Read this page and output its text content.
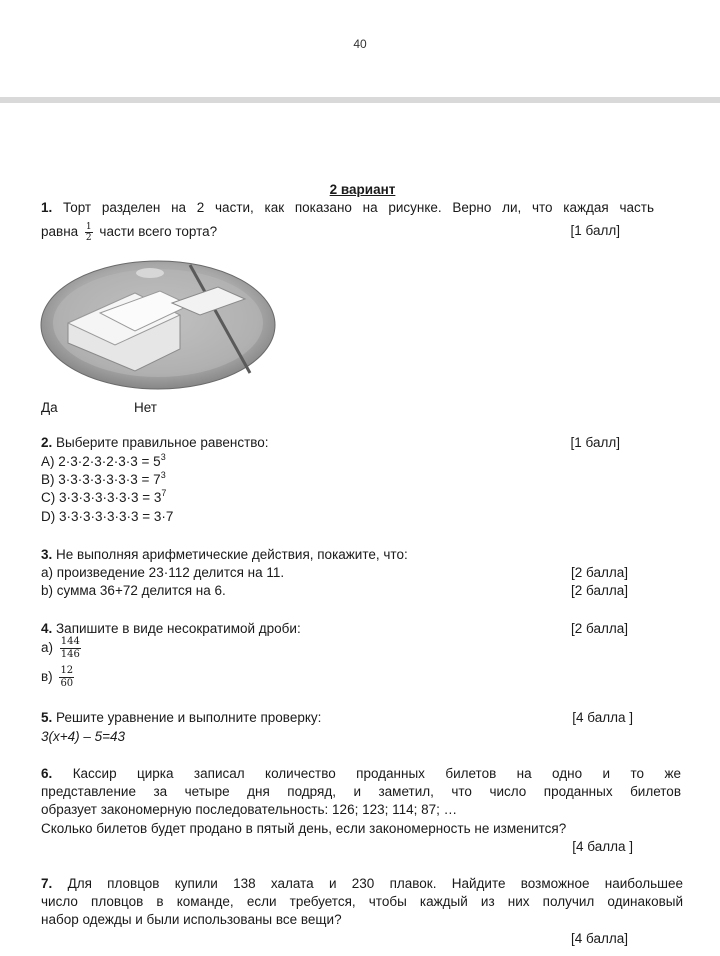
40
2 вариант
1. Торт разделен на 2 части, как показано на рисунке. Верно ли, что каждая часть
равна $\frac{1}{2}$ части всего торта?	[1 балл]
Да	Нет
2. Выберите правильное равенство:	[1 балл]
A) $2\cdot 3\cdot 2\cdot 3\cdot 2\cdot 3\cdot 3 = 5^3$
B) $3\cdot 3\cdot 3\cdot 3\cdot 3\cdot 3\cdot 3 = 7^3$
C) $3\cdot 3\cdot 3\cdot 3\cdot 3\cdot 3\cdot 3 = 3^7$
D) 3·3·3·3·3·3·3 = 3·7
3. Не выполняя арифметические действия, покажите, что:
a) произведение 23·112 делится на 11.	[2 балла]
b) сумма 36+72 делится на 6.	[2 балла]
4. Запишите в виде несократимой дроби:	[2 балла]
$а) \frac{144}{146}$
$в) \frac{12}{60}$
5. Решите уравнение и выполните проверку:	[4 балла ]
3(x+4) – 5=43
6. Кассир цирка записал количество проданных билетов на одно и то же
представление за четыре дня подряд, и заметил, что число проданных билетов
образует закономерную последовательность: 126; 123; 114; 87; …
Сколько билетов будет продано в пятый день, если закономерность не изменится?
[4 балла ]
7. Для пловцов купили 138 халата и 230 плавок. Найдите возможное наибольшее
число пловцов в команде, если требуется, чтобы каждый из них получил одинаковый
набор одежды и были использованы все вещи?
[4 балла]
